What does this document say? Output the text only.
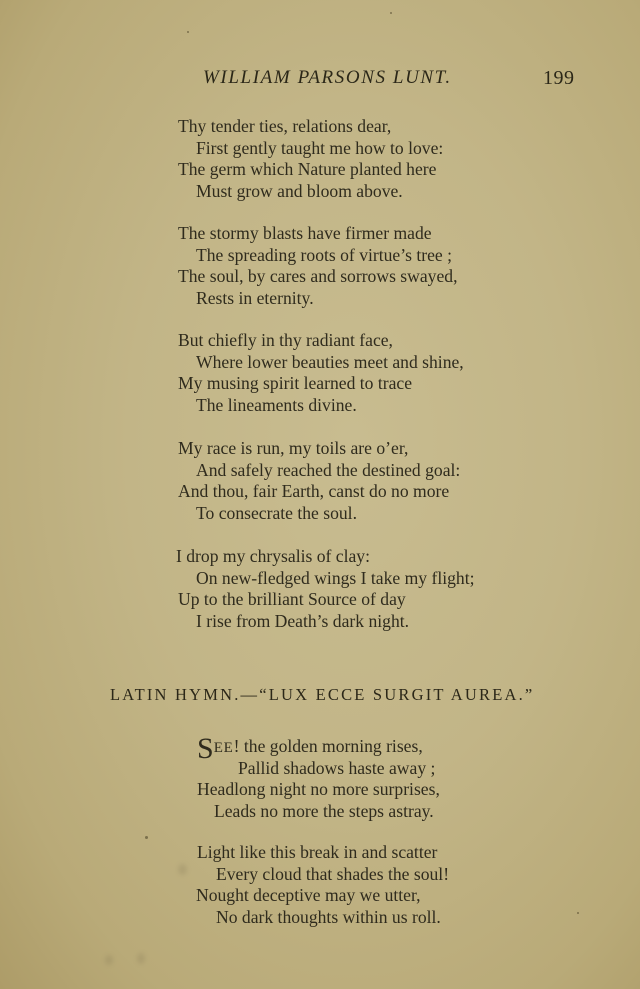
WILLIAM PARSONS LUNT.	199
Thy tender ties, relations dear,
First gently taught me how to love:
The germ which Nature planted here
Must grow and bloom above.
The stormy blasts have firmer made
The spreading roots of virtue’s tree ;
The soul, by cares and sorrows swayed,
Rests in eternity.
But chiefly in thy radiant face,
Where lower beauties meet and shine,
My musing spirit learned to trace
The lineaments divine.
My race is run, my toils are o’er,
And safely reached the destined goal:
And thou, fair Earth, canst do no more
To consecrate the soul.
I drop my chrysalis of clay:
On new-fledged wings I take my flight;
Up to the brilliant Source of day
I rise from Death’s dark night.
LATIN HYMN.—“LUX ECCE SURGIT AUREA.”
SEE! the golden morning rises,
Pallid shadows haste away ;
Headlong night no more surprises,
Leads no more the steps astray.
Light like this break in and scatter
Every cloud that shades the soul!
Nought deceptive may we utter,
No dark thoughts within us roll.
